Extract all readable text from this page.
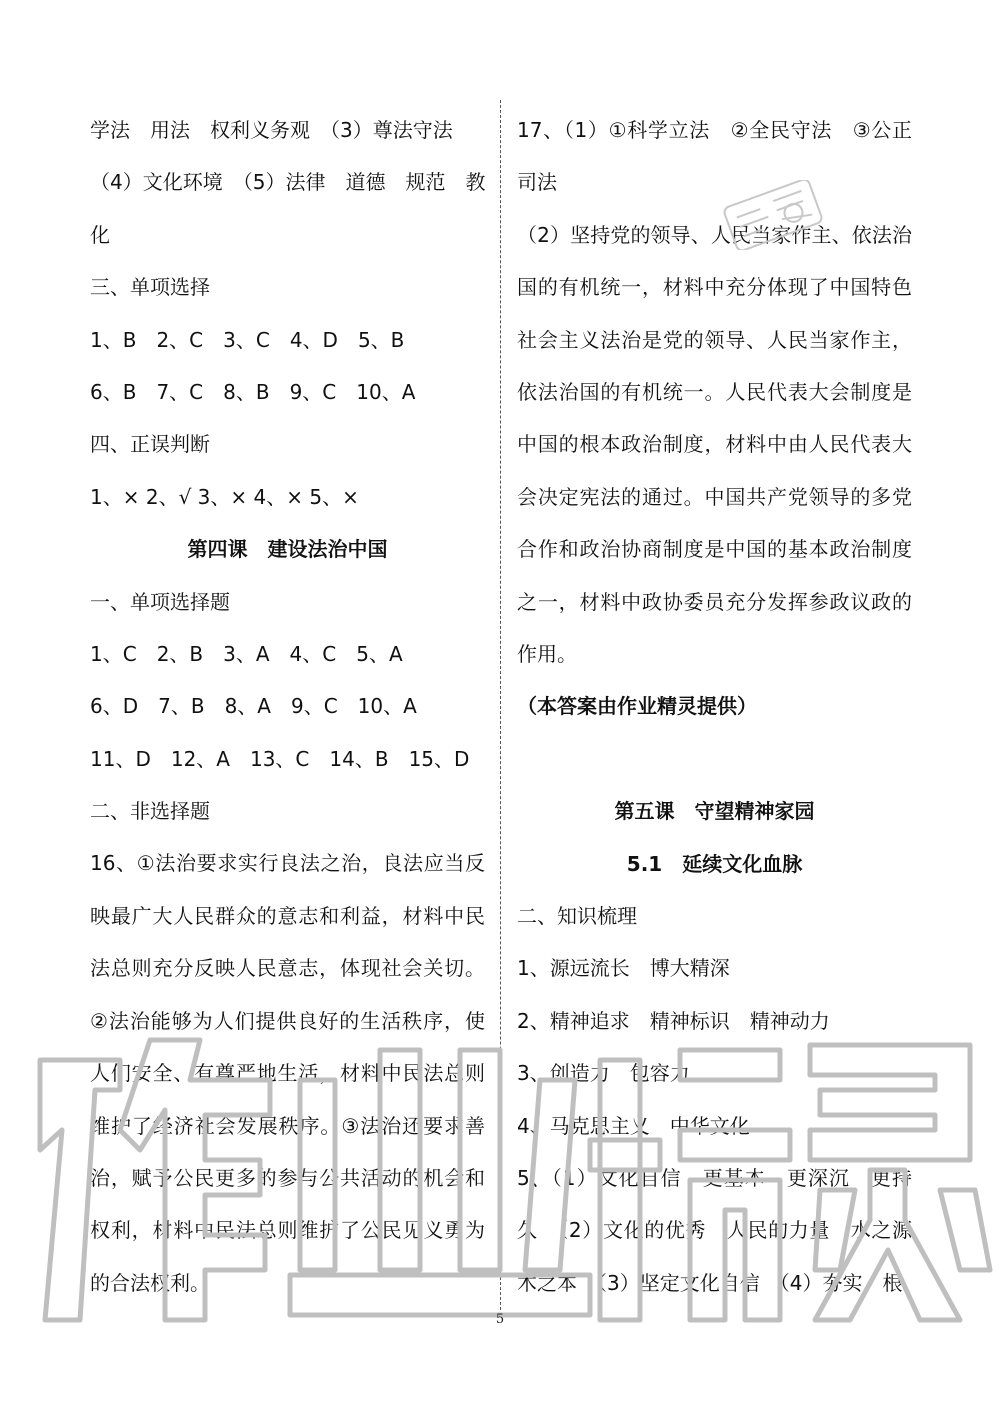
学法　用法　权利义务观　（3）尊法守法
（4）文化环境　（5）法律　道德　规范　教
化
三、单项选择
1、B　2、C　3、C　4、D　5、B
6、B　7、C　8、B　9、C　10、A
四、正误判断
1、× 2、√ 3、× 4、× 5、×
第四课　建设法治中国
一、单项选择题
1、C　2、B　3、A　4、C　5、A
6、D　7、B　8、A　9、C　10、A
11、D　12、A　13、C　14、B　15、D
二、非选择题
16、①法治要求实行良法之治，良法应当反映最广大人民群众的意志和利益，材料中民法总则充分反映人民意志，体现社会关切。②法治能够为人们提供良好的生活秩序，使人们安全、有尊严地生活，材料中民法总则维护了经济社会发展秩序。③法治还要求善治，赋予公民更多的参与公共活动的机会和权利，材料中民法总则维护了公民见义勇为的合法权利。
17、（1）①科学立法　②全民守法　③公正司法
（2）坚持党的领导、人民当家作主、依法治国的有机统一，材料中充分体现了中国特色社会主义法治是党的领导、人民当家作主，依法治国的有机统一。人民代表大会制度是中国的根本政治制度，材料中由人民代表大会决定宪法的通过。中国共产党领导的多党合作和政治协商制度是中国的基本政治制度之一，材料中政协委员充分发挥参政议政的作用。
（本答案由作业精灵提供）
第五课　守望精神家园
5.1　延续文化血脉
二、知识梳理
1、源远流长　博大精深
2、精神追求　精神标识　精神动力
3、创造力　包容力
4、马克思主义　中华文化
5、（1）文化自信　更基本　更深沉　更持久　（2）文化的优秀　人民的力量　水之源　木之本　（3）坚定文化自信　（4）夯实　根
5
